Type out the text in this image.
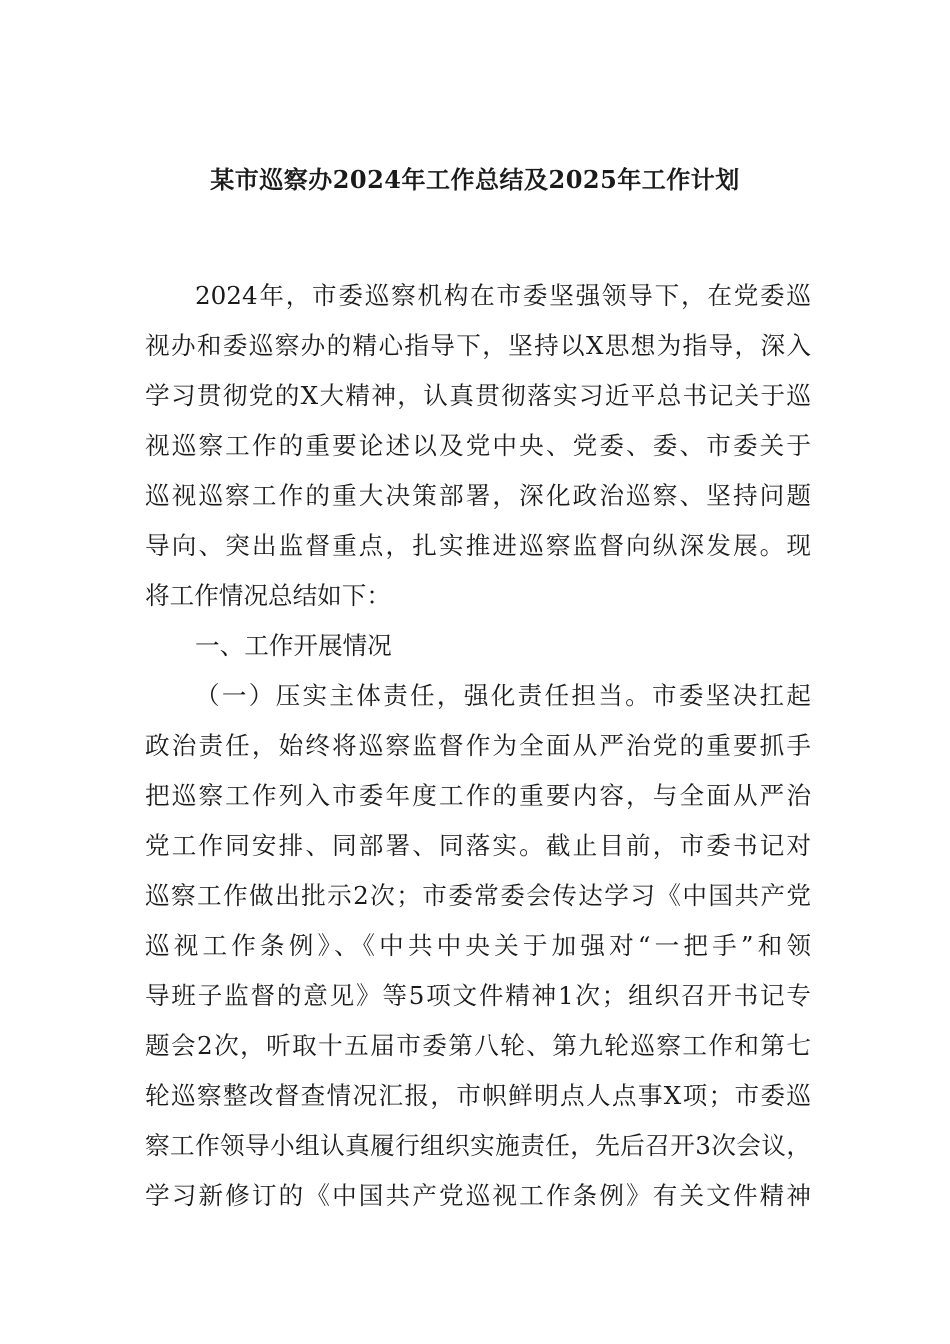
某市巡察办2024年工作总结及2025年工作计划
2024年，市委巡察机构在市委坚强领导下，在党委巡
视办和委巡察办的精心指导下，坚持以X思想为指导，深入
学习贯彻党的X大精神，认真贯彻落实习近平总书记关于巡
视巡察工作的重要论述以及党中央、党委、委、市委关于
巡视巡察工作的重大决策部署，深化政治巡察、坚持问题
导向、突出监督重点，扎实推进巡察监督向纵深发展。现
将工作情况总结如下：
一、工作开展情况
（一）压实主体责任，强化责任担当。市委坚决扛起
政治责任，始终将巡察监督作为全面从严治党的重要抓手
把巡察工作列入市委年度工作的重要内容，与全面从严治
党工作同安排、同部署、同落实。截止目前，市委书记对
巡察工作做出批示2次；市委常委会传达学习《中国共产党
巡视工作条例》、《中共中央关于加强对“一把手”和领
导班子监督的意见》等5项文件精神1次；组织召开书记专
题会2次，听取十五届市委第八轮、第九轮巡察工作和第七
轮巡察整改督查情况汇报，市帜鲜明点人点事X项；市委巡
察工作领导小组认真履行组织实施责任，先后召开3次会议，
学习新修订的《中国共产党巡视工作条例》有关文件精神
